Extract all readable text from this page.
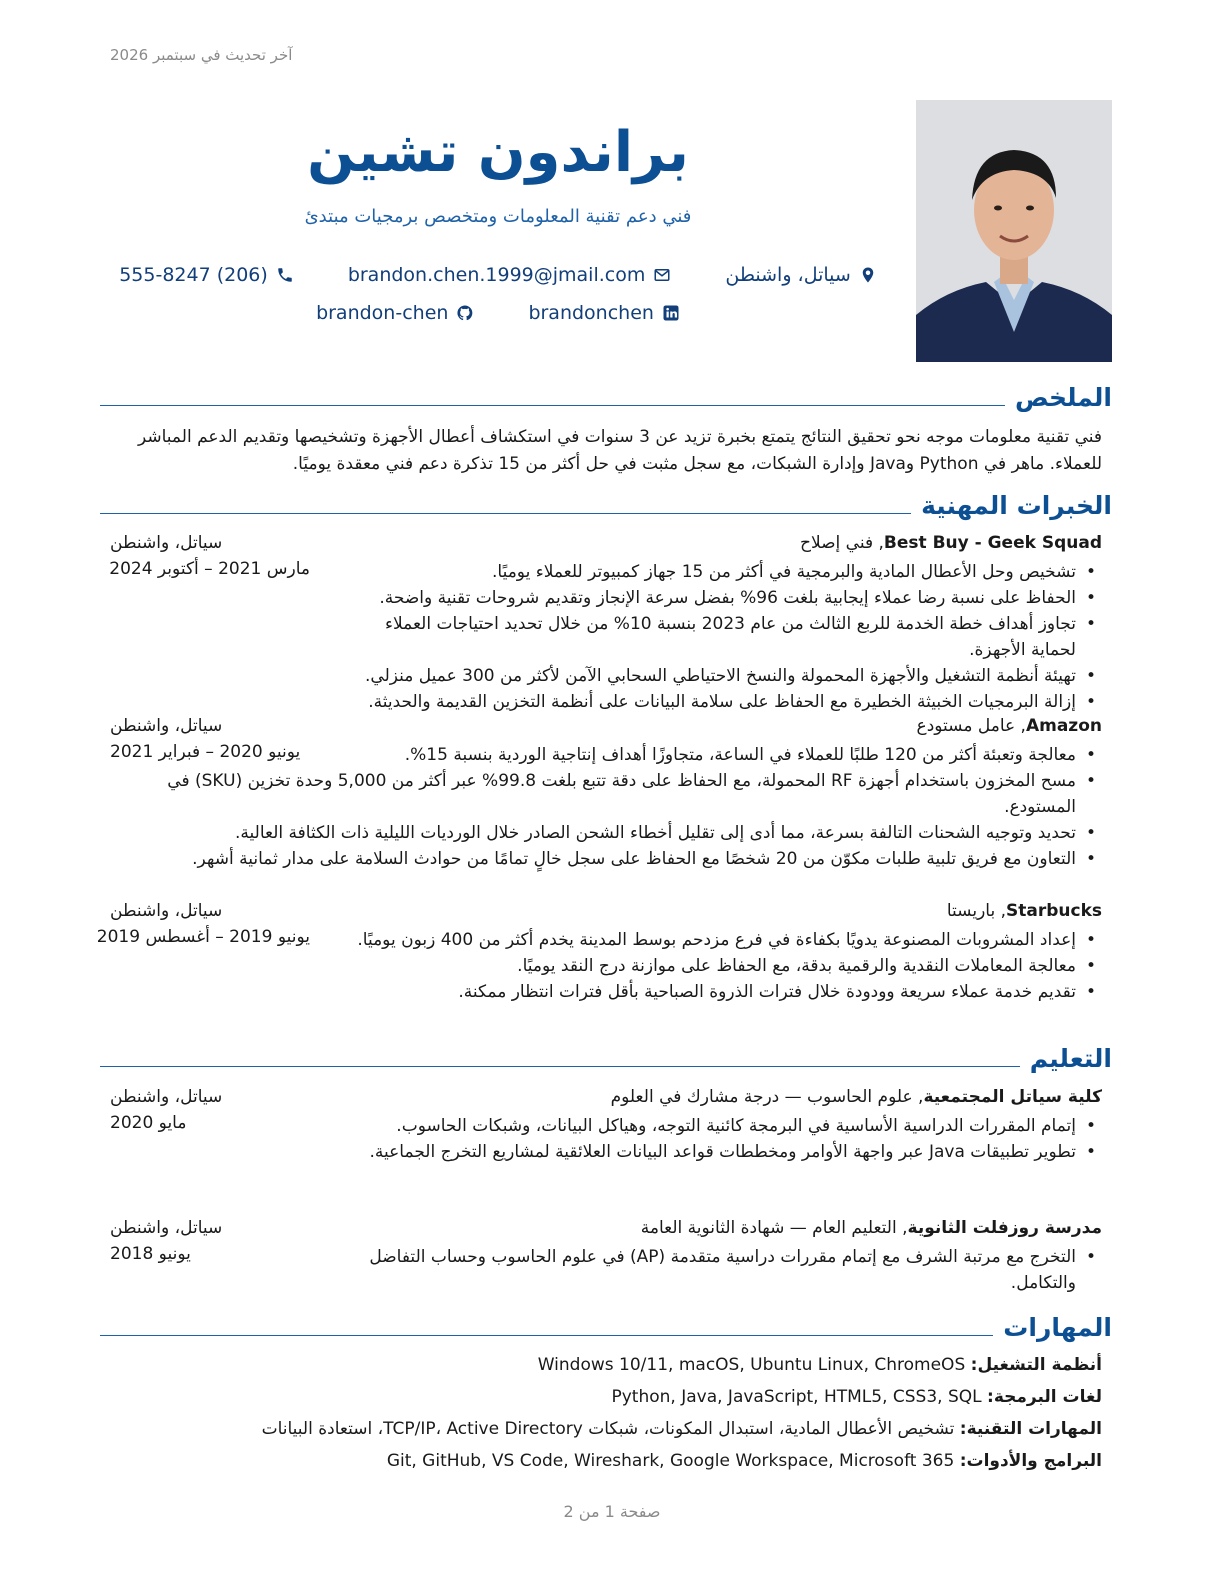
آخر تحديث في سبتمبر 2026
براندون تشين
فني دعم تقنية المعلومات ومتخصص برمجيات مبتدئ
سياتل، واشنطن
brandon.chen.1999@jmail.com
555-8247 (206)
brandonchen
brandon-chen
الملخص
فني تقنية معلومات موجه نحو تحقيق النتائج يتمتع بخبرة تزيد عن 3 سنوات في استكشاف أعطال الأجهزة وتشخيصها وتقديم الدعم المباشر للعملاء. ماهر في Python وJava وإدارة الشبكات، مع سجل مثبت في حل أكثر من 15 تذكرة دعم فني معقدة يوميًا.
الخبرات المهنية
Best Buy - Geek Squad, فني إصلاح
سياتل، واشنطن
مارس 2021 – أكتوبر 2024	• تشخيص وحل الأعطال المادية والبرمجية في أكثر من 15 جهاز كمبيوتر للعملاء يوميًا.
• الحفاظ على نسبة رضا عملاء إيجابية بلغت 96% بفضل سرعة الإنجاز وتقديم شروحات تقنية واضحة.
• تجاوز أهداف خطة الخدمة للربع الثالث من عام 2023 بنسبة 10% من خلال تحديد احتياجات العملاء لحماية الأجهزة.
• تهيئة أنظمة التشغيل والأجهزة المحمولة والنسخ الاحتياطي السحابي الآمن لأكثر من 300 عميل منزلي.
• إزالة البرمجيات الخبيثة الخطيرة مع الحفاظ على سلامة البيانات على أنظمة التخزين القديمة والحديثة.
Amazon, عامل مستودع
سياتل، واشنطن
يونيو 2020 – فبراير 2021	• معالجة وتعبئة أكثر من 120 طلبًا للعملاء في الساعة، متجاوزًا أهداف إنتاجية الوردية بنسبة 15%.
• مسح المخزون باستخدام أجهزة RF المحمولة، مع الحفاظ على دقة تتبع بلغت 99.8% عبر أكثر من 5,000 وحدة تخزين (SKU) في المستودع.
• تحديد وتوجيه الشحنات التالفة بسرعة، مما أدى إلى تقليل أخطاء الشحن الصادر خلال الورديات الليلية ذات الكثافة العالية.
• التعاون مع فريق تلبية طلبات مكوّن من 20 شخصًا مع الحفاظ على سجل خالٍ تمامًا من حوادث السلامة على مدار ثمانية أشهر.
Starbucks, باريستا
سياتل، واشنطن
يونيو 2019 – أغسطس 2019	• إعداد المشروبات المصنوعة يدويًا بكفاءة في فرع مزدحم بوسط المدينة يخدم أكثر من 400 زبون يوميًا.
• معالجة المعاملات النقدية والرقمية بدقة، مع الحفاظ على موازنة درج النقد يوميًا.
• تقديم خدمة عملاء سريعة وودودة خلال فترات الذروة الصباحية بأقل فترات انتظار ممكنة.
التعليم
كلية سياتل المجتمعية, علوم الحاسوب — درجة مشارك في العلوم
سياتل، واشنطن
مايو 2020	• إتمام المقررات الدراسية الأساسية في البرمجة كائنية التوجه، وهياكل البيانات، وشبكات الحاسوب.
• تطوير تطبيقات Java عبر واجهة الأوامر ومخططات قواعد البيانات العلائقية لمشاريع التخرج الجماعية.
مدرسة روزفلت الثانوية, التعليم العام — شهادة الثانوية العامة
سياتل، واشنطن
يونيو 2018	• التخرج مع مرتبة الشرف مع إتمام مقررات دراسية متقدمة (AP) في علوم الحاسوب وحساب التفاضل والتكامل.
المهارات
أنظمة التشغيل: Windows 10/11, macOS, Ubuntu Linux, ChromeOS
لغات البرمجة: Python, Java, JavaScript, HTML5, CSS3, SQL
المهارات التقنية: تشخيص الأعطال المادية، استبدال المكونات، شبكات TCP/IP، Active Directory، استعادة البيانات
البرامج والأدوات: Git, GitHub, VS Code, Wireshark, Google Workspace, Microsoft 365
صفحة 1 من 2
